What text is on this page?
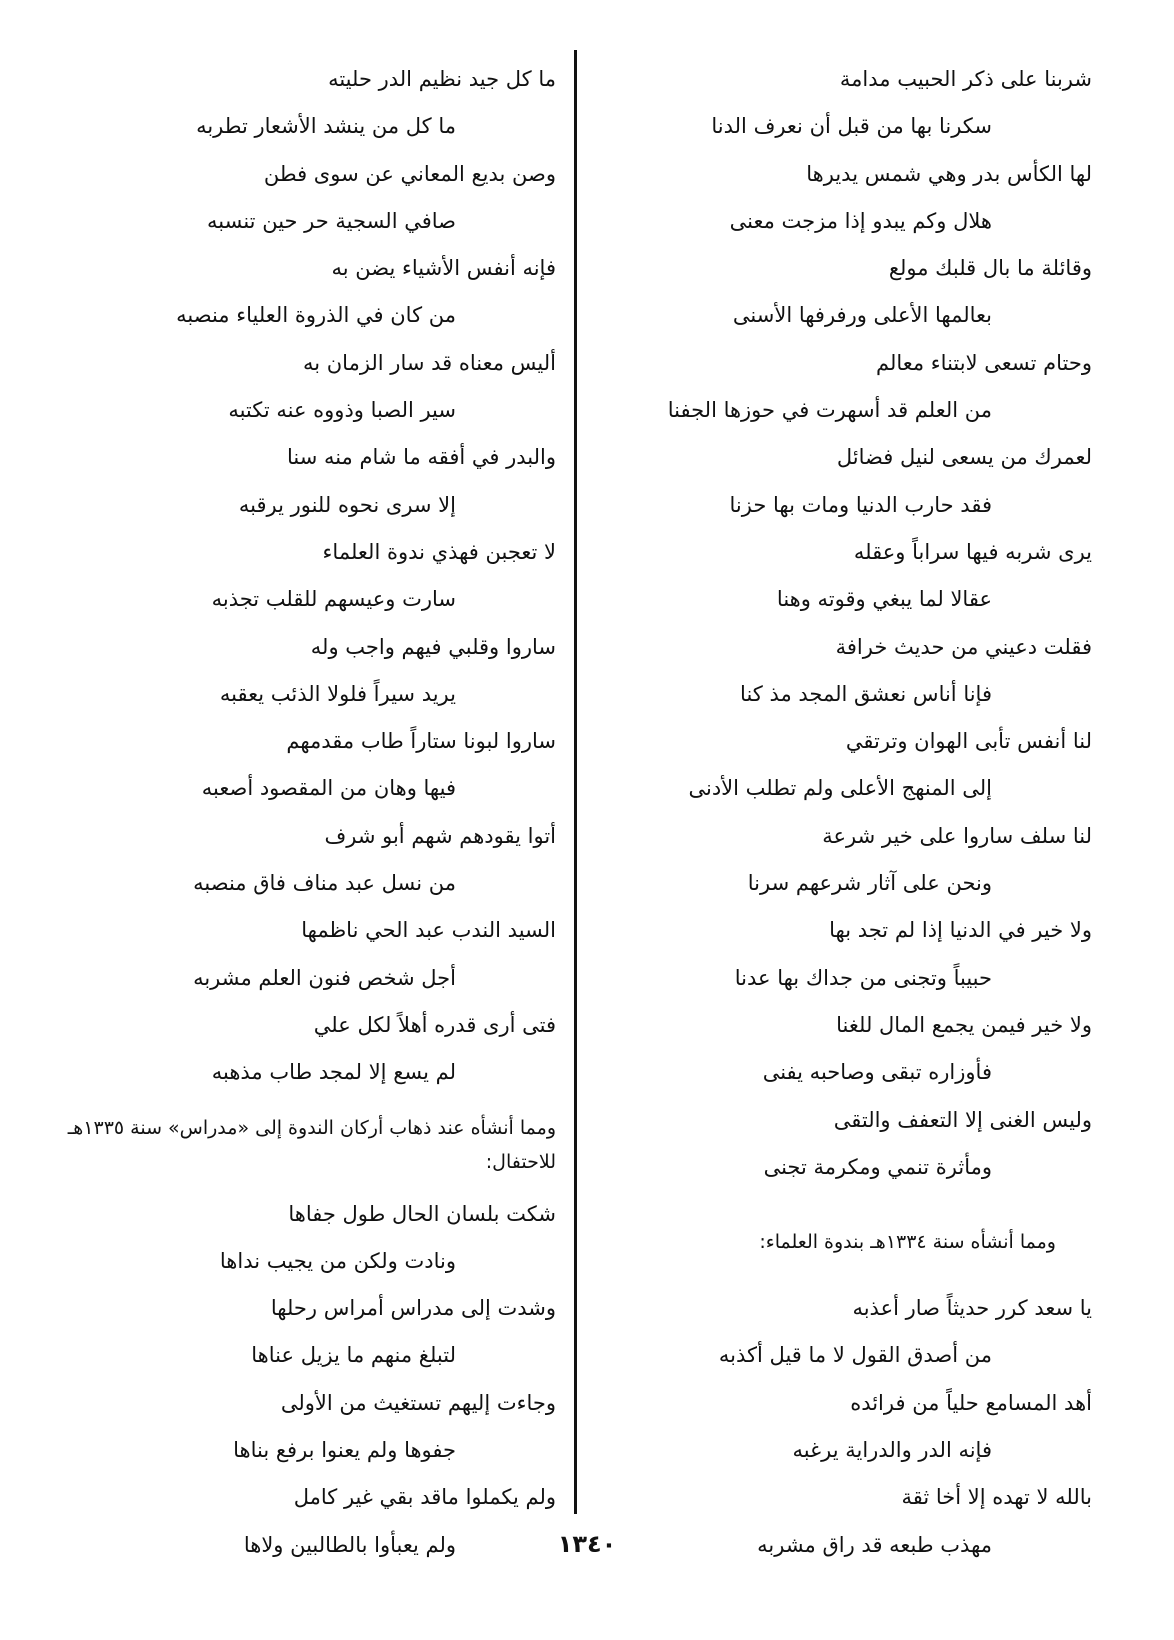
شربنا على ذكر الحبيب مدامة
سكرنا بها من قبل أن نعرف الدنا
لها الكأس بدر وهي شمس يديرها
هلال وكم يبدو إذا مزجت معنى
وقائلة ما بال قلبك مولع
بعالمها الأعلى ورفرفها الأسنى
وحتام تسعى لابتناء معالم
من العلم قد أسهرت في حوزها الجفنا
لعمرك من يسعى لنيل فضائل
فقد حارب الدنيا ومات بها حزنا
يرى شربه فيها سراباً وعقله
عقالا لما يبغي وقوته وهنا
فقلت دعيني من حديث خرافة
فإنا أناس نعشق المجد مذ كنا
لنا أنفس تأبى الهوان وترتقي
إلى المنهج الأعلى ولم تطلب الأدنى
لنا سلف ساروا على خير شرعة
ونحن على آثار شرعهم سرنا
ولا خير في الدنيا إذا لم تجد بها
حبيباً وتجنى من جداك بها عدنا
ولا خير فيمن يجمع المال للغنا
فأوزاره تبقى وصاحبه يفنى
وليس الغنى إلا التعفف والتقى
ومأثرة تنمي ومكرمة تجنى
ومما أنشأه سنة ١٣٣٤هـ بندوة العلماء:
يا سعد كرر حديثاً صار أعذبه
من أصدق القول لا ما قيل أكذبه
أهد المسامع حلياً من فرائده
فإنه الدر والدراية يرغبه
بالله لا تهده إلا أخا ثقة
مهذب طبعه قد راق مشربه
ما كل جيد نظيم الدر حليته
ما كل من ينشد الأشعار تطربه
وصن بديع المعاني عن سوى فطن
صافي السجية حر حين تنسبه
فإنه أنفس الأشياء يضن به
من كان في الذروة العلياء منصبه
أليس معناه قد سار الزمان به
سير الصبا وذووه عنه تكتبه
والبدر في أفقه ما شام منه سنا
إلا سرى نحوه للنور يرقبه
لا تعجبن فهذي ندوة العلماء
سارت وعيسهم للقلب تجذبه
ساروا وقلبي فيهم واجب وله
يريد سيراً فلولا الذئب يعقبه
ساروا لبونا ستاراً طاب مقدمهم
فيها وهان من المقصود أصعبه
أتوا يقودهم شهم أبو شرف
من نسل عبد مناف فاق منصبه
السيد الندب عبد الحي ناظمها
أجل شخص فنون العلم مشربه
فتى أرى قدره أهلاً لكل علي
لم يسع إلا لمجد طاب مذهبه
ومما أنشأه عند ذهاب أركان الندوة إلى «مدراس» سنة ١٣٣٥هـ للاحتفال:
شكت بلسان الحال طول جفاها
ونادت ولكن من يجيب نداها
وشدت إلى مدراس أمراس رحلها
لتبلغ منهم ما يزيل عناها
وجاءت إليهم تستغيث من الأولى
جفوها ولم يعنوا برفع بناها
ولم يكملوا ماقد بقي غير كامل
ولم يعبأوا بالطالبين ولاها	١٣٤٠
